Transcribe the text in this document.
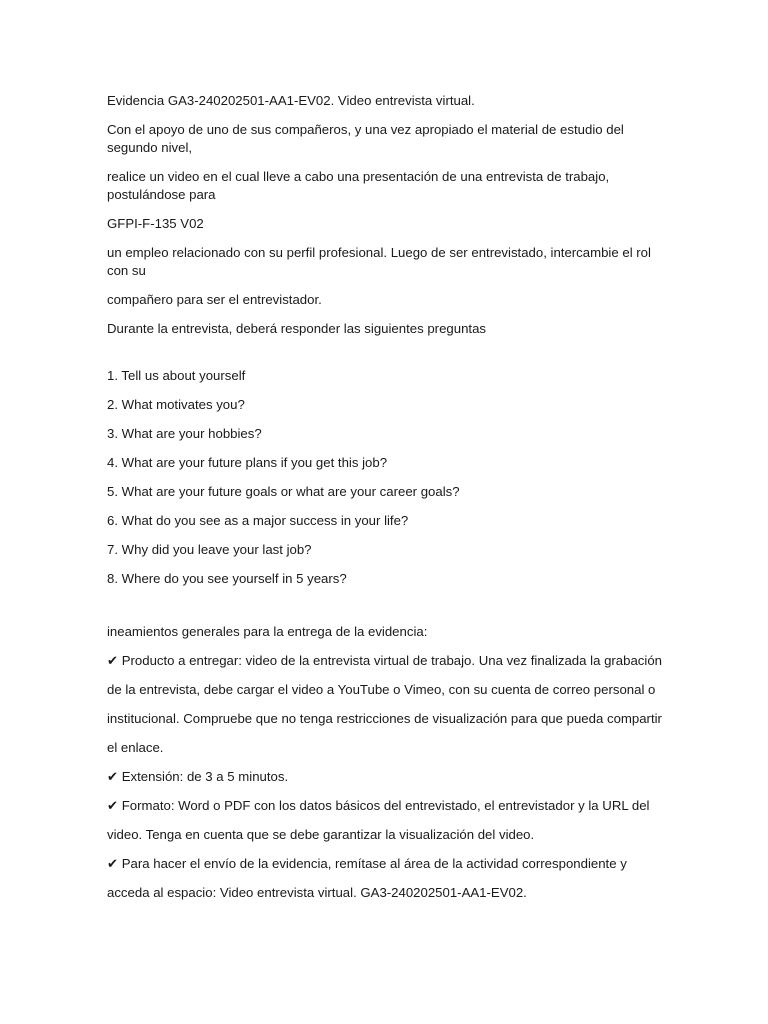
Evidencia GA3-240202501-AA1-EV02. Video entrevista virtual.

Con el apoyo de uno de sus compañeros, y una vez apropiado el material de estudio del segundo nivel,

realice un video en el cual lleve a cabo una presentación de una entrevista de trabajo, postulándose para

GFPI-F-135 V02

un empleo relacionado con su perfil profesional. Luego de ser entrevistado, intercambie el rol con su

compañero para ser el entrevistador.

Durante la entrevista, deberá responder las siguientes preguntas

1. Tell us about yourself

2. What motivates you?

3. What are your hobbies?

4. What are your future plans if you get this job?

5. What are your future goals or what are your career goals?

6. What do you see as a major success in your life?

7. Why did you leave your last job?

8. Where do you see yourself in 5 years?

ineamientos generales para la entrega de la evidencia:

✔ Producto a entregar: video de la entrevista virtual de trabajo. Una vez finalizada la grabación de la entrevista, debe cargar el video a YouTube o Vimeo, con su cuenta de correo personal o institucional. Compruebe que no tenga restricciones de visualización para que pueda compartir el enlace.

✔ Extensión: de 3 a 5 minutos.

✔ Formato: Word o PDF con los datos básicos del entrevistado, el entrevistador y la URL del video. Tenga en cuenta que se debe garantizar la visualización del video.

✔ Para hacer el envío de la evidencia, remítase al área de la actividad correspondiente y acceda al espacio: Video entrevista virtual. GA3-240202501-AA1-EV02.
